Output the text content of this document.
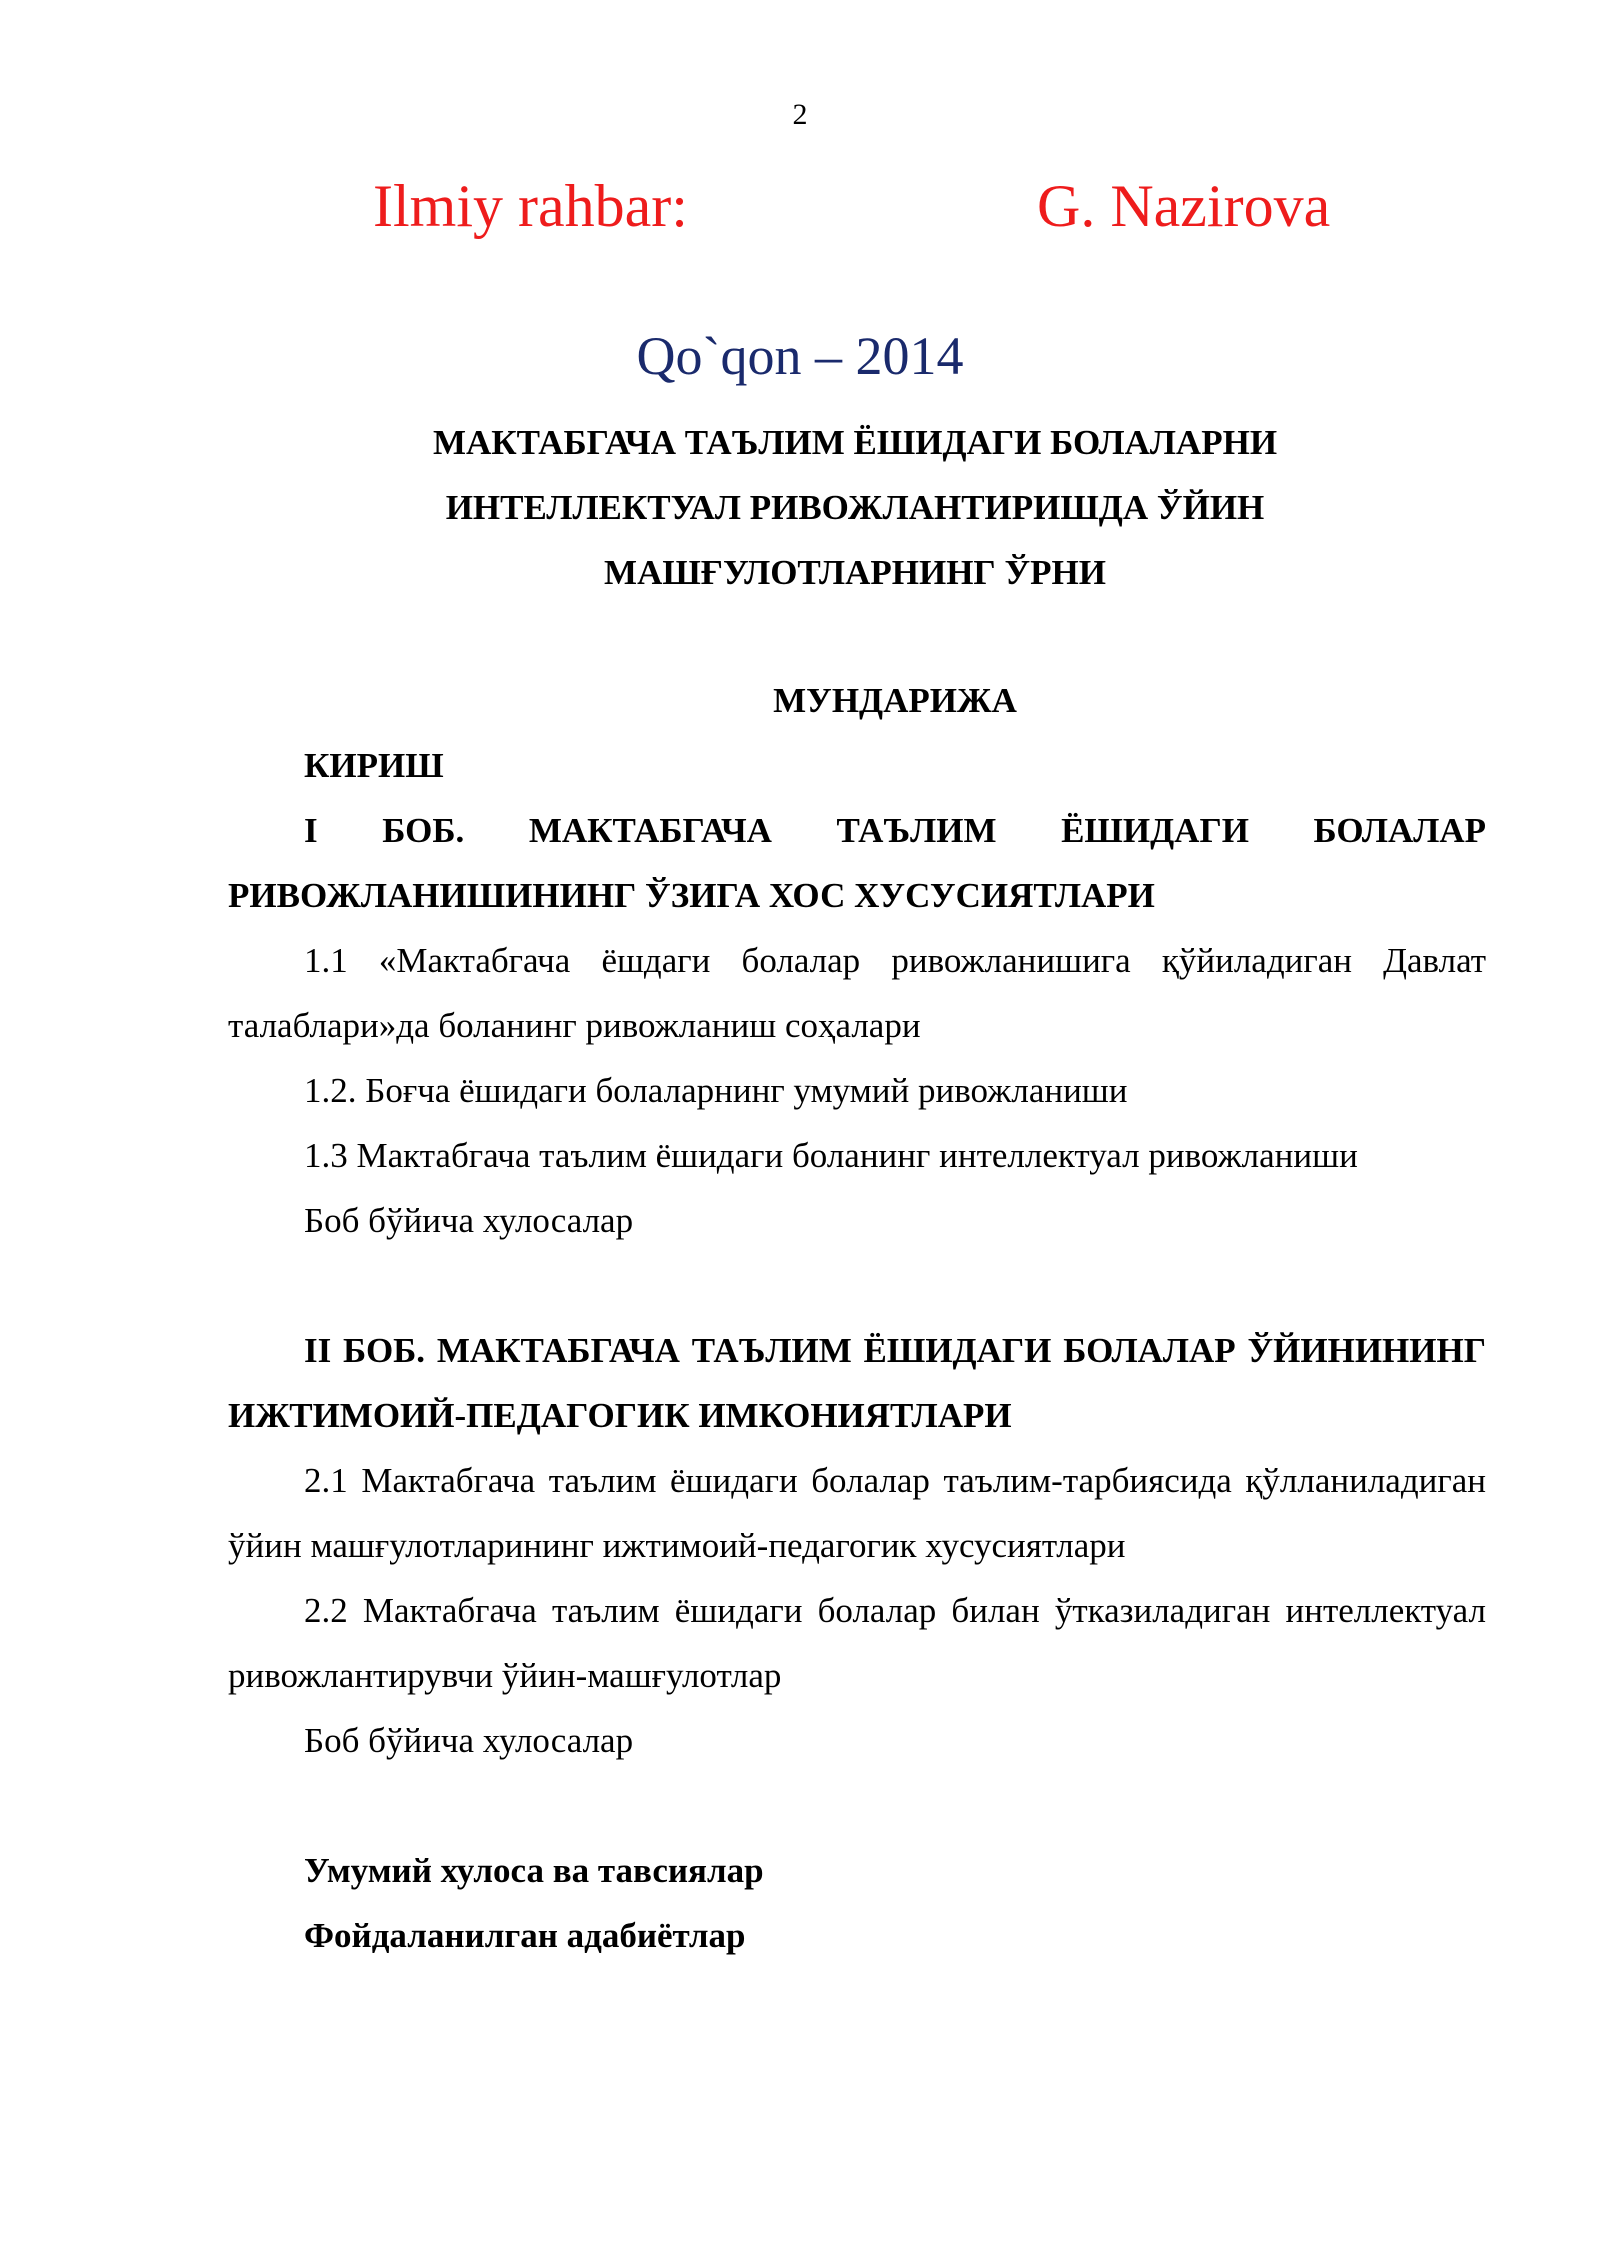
2
Ilmiy rahbar:	G. Nazirova
Qo`qon – 2014
МАКТАБГАЧА ТАЪЛИМ ЁШИДАГИ БОЛАЛАРНИ
ИНТЕЛЛЕКТУАЛ РИВОЖЛАНТИРИШДА ЎЙИН
МАШҒУЛОТЛАРНИНГ ЎРНИ
МУНДАРИЖА
КИРИШ
I БОБ. МАКТАБГАЧА ТАЪЛИМ ЁШИДАГИ БОЛАЛАР РИВОЖЛАНИШИНИНГ ЎЗИГА ХОС ХУСУСИЯТЛАРИ
1.1 «Мактабгача ёшдаги болалар ривожланишига қўйиладиган Давлат талаблари»да боланинг ривожланиш соҳалари
1.2. Боғча ёшидаги болаларнинг умумий ривожланиши
1.3 Мактабгача таълим ёшидаги боланинг интеллектуал ривожланиши
Боб бўйича хулосалар
II БОБ. МАКТАБГАЧА ТАЪЛИМ ЁШИДАГИ БОЛАЛАР ЎЙИНИНИНГ ИЖТИМОИЙ-ПЕДАГОГИК ИМКОНИЯТЛАРИ
2.1 Мактабгача таълим ёшидаги болалар таълим-тарбиясида қўлланиладиган ўйин машғулотларининг ижтимоий-педагогик хусусиятлари
2.2 Мактабгача таълим ёшидаги болалар билан ўтказиладиган интеллектуал ривожлантирувчи ўйин-машғулотлар
Боб бўйича хулосалар
Умумий хулоса ва тавсиялар
Фойдаланилган адабиётлар
